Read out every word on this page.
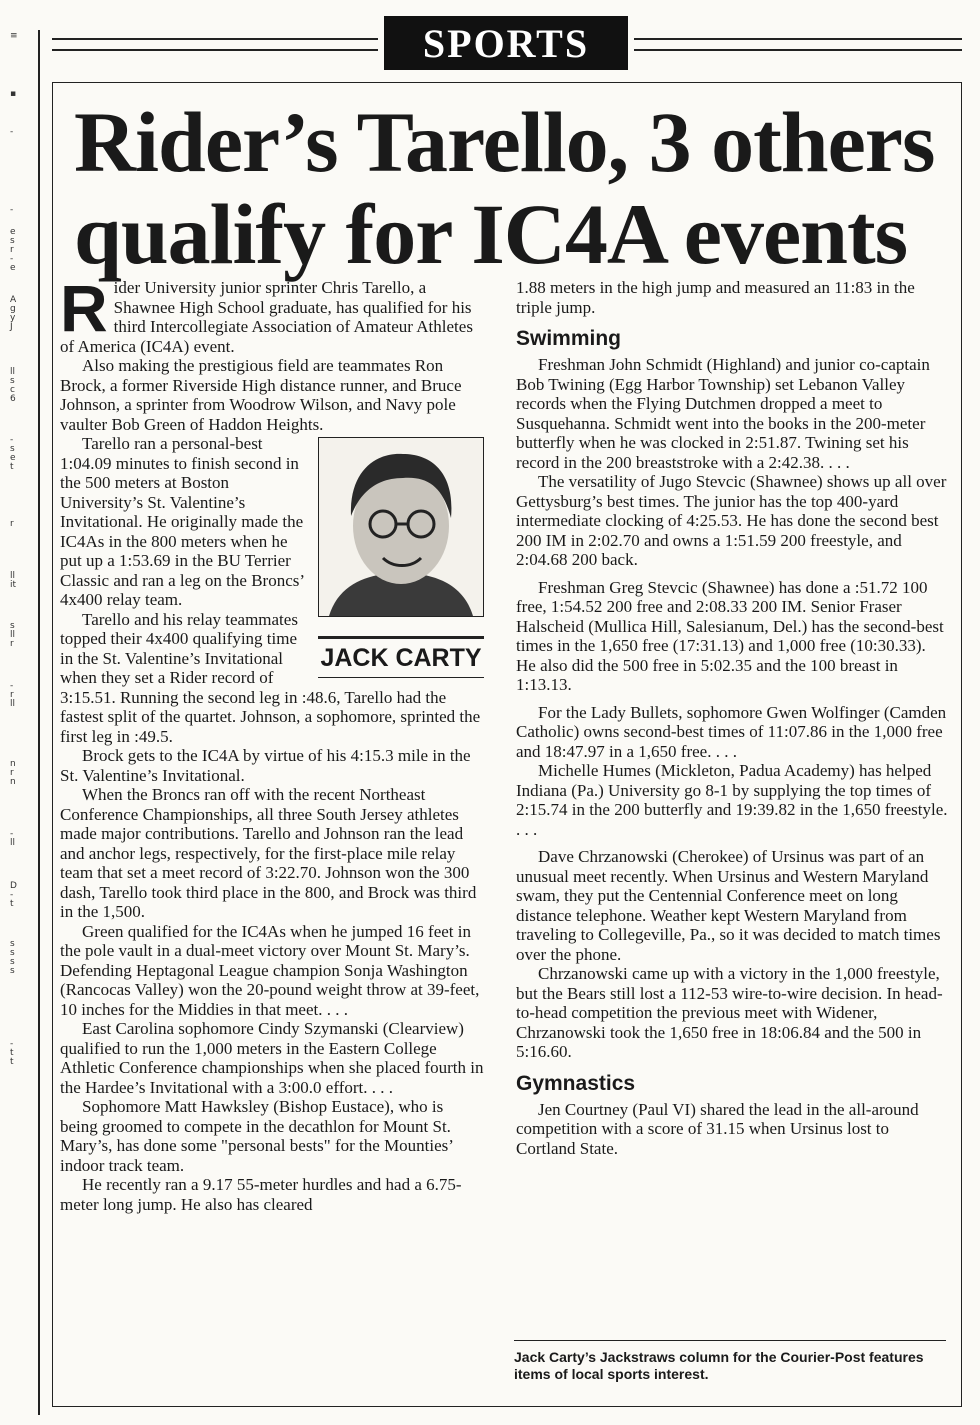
≡
▪
-
-
e
s
r
-
e
A
g
y
J
ll
s
c
6
-
s
e
t
r
ll
it
s
ll
r
-
r
ll
n
r
n
-
ll
D
-
t
s
s
s
s
-
t
t
SPORTS
Rider’s Tarello, 3 others qualify for IC4A events

Rider University junior sprinter Chris Tarello, a Shawnee High School graduate, has qualified for his third Intercollegiate Association of Amateur Athletes of America (IC4A) event.

Also making the prestigious field are teammates Ron Brock, a former Riverside High distance runner, and Bruce Johnson, a sprinter from Woodrow Wilson, and Navy pole vaulter Bob Green of Haddon Heights.

JACK CARTY

Tarello ran a personal-best 1:04.09 minutes to finish second in the 500 meters at Boston University’s St. Valentine’s Invitational. He originally made the IC4As in the 800 meters when he put up a 1:53.69 in the BU Terrier Classic and ran a leg on the Broncs’ 4x400 relay team.

Tarello and his relay teammates topped their 4x400 qualifying time in the St. Valentine’s Invitational when they set a Rider record of 3:15.51. Running the second leg in :48.6, Tarello had the fastest split of the quartet. Johnson, a sophomore, sprinted the first leg in :49.5.

Brock gets to the IC4A by virtue of his 4:15.3 mile in the St. Valentine’s Invitational.

When the Broncs ran off with the recent Northeast Conference Championships, all three South Jersey athletes made major contributions. Tarello and Johnson ran the lead and anchor legs, respectively, for the first-place mile relay team that set a meet record of 3:22.70. Johnson won the 300 dash, Tarello took third place in the 800, and Brock was third in the 1,500.

Green qualified for the IC4As when he jumped 16 feet in the pole vault in a dual-meet victory over Mount St. Mary’s. Defending Heptagonal League champion Sonja Washington (Rancocas Valley) won the 20-pound weight throw at 39-feet, 10 inches for the Middies in that meet. . . .

East Carolina sophomore Cindy Szymanski (Clearview) qualified to run the 1,000 meters in the Eastern College Athletic Conference championships when she placed fourth in the Hardee’s Invitational with a 3:00.0 effort. . . .

Sophomore Matt Hawksley (Bishop Eustace), who is being groomed to compete in the decathlon for Mount St. Mary’s, has done some "personal bests" for the Mounties’ indoor track team.

He recently ran a 9.17 55-meter hurdles and had a 6.75-meter long jump. He also has cleared

1.88 meters in the high jump and measured an 11:83 in the triple jump.

Swimming

Freshman John Schmidt (Highland) and junior co-captain Bob Twining (Egg Harbor Township) set Lebanon Valley records when the Flying Dutchmen dropped a meet to Susquehanna. Schmidt went into the books in the 200-meter butterfly when he was clocked in 2:51.87. Twining set his record in the 200 breaststroke with a 2:42.38. . . .

The versatility of Jugo Stevcic (Shawnee) shows up all over Gettysburg’s best times. The junior has the top 400-yard intermediate clocking of 4:25.53. He has done the second best 200 IM in 2:02.70 and owns a 1:51.59 200 freestyle, and 2:04.68 200 back.

Freshman Greg Stevcic (Shawnee) has done a :51.72 100 free, 1:54.52 200 free and 2:08.33 200 IM. Senior Fraser Halscheid (Mullica Hill, Salesianum, Del.) has the second-best times in the 1,650 free (17:31.13) and 1,000 free (10:30.33). He also did the 500 free in 5:02.35 and the 100 breast in 1:13.13.

For the Lady Bullets, sophomore Gwen Wolfinger (Camden Catholic) owns second-best times of 11:07.86 in the 1,000 free and 18:47.97 in a 1,650 free. . . .

Michelle Humes (Mickleton, Padua Academy) has helped Indiana (Pa.) University go 8-1 by supplying the top times of 2:15.74 in the 200 butterfly and 19:39.82 in the 1,650 freestyle. . . .

Dave Chrzanowski (Cherokee) of Ursinus was part of an unusual meet recently. When Ursinus and Western Maryland swam, they put the Centennial Conference meet on long distance telephone. Weather kept Western Maryland from traveling to Collegeville, Pa., so it was decided to match times over the phone.

Chrzanowski came up with a victory in the 1,000 freestyle, but the Bears still lost a 112-53 wire-to-wire decision. In head-to-head competition the previous meet with Widener, Chrzanowski took the 1,650 free in 18:06.84 and the 500 in 5:16.60.

Gymnastics

Jen Courtney (Paul VI) shared the lead in the all-around competition with a score of 31.15 when Ursinus lost to Cortland State.

Jack Carty’s Jackstraws column for the Courier-Post features items of local sports interest.
